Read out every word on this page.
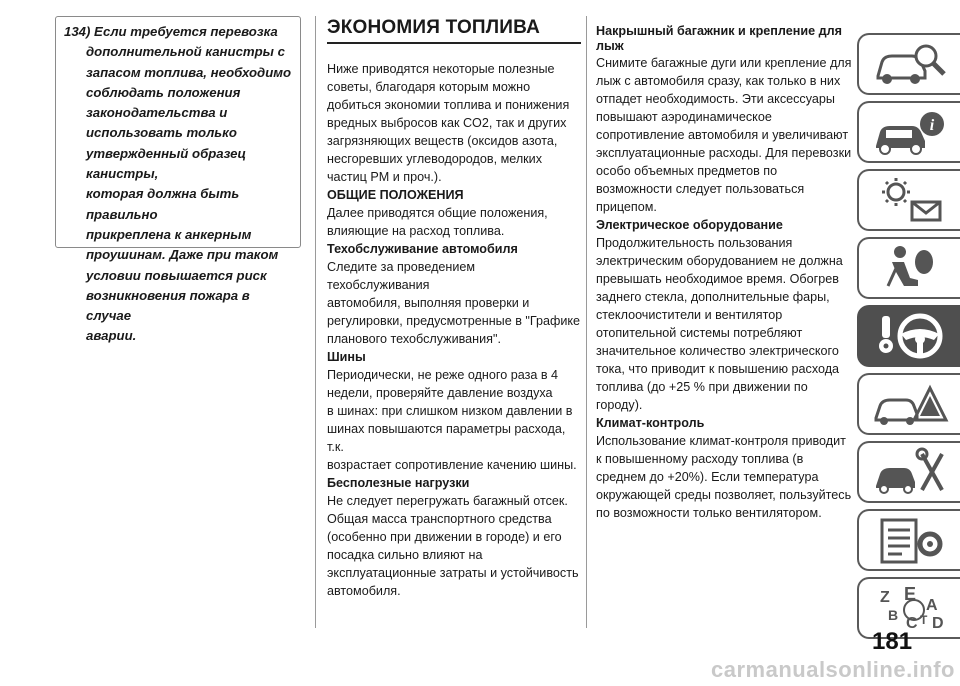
134) Если требуется перевозка
дополнительной канистры с
запасом топлива, необходимо
соблюдать положения
законодательства и
использовать только
утвержденный образец канистры,
которая должна быть правильно
прикреплена к анкерным
проушинам. Даже при таком
условии повышается риск
возникновения пожара в случае
аварии.

ЭКОНОМИЯ ТОПЛИВА

Ниже приводятся некоторые полезные
советы, благодаря которым можно
добиться экономии топлива и понижения
вредных выбросов как CO2, так и других
загрязняющих веществ (оксидов азота,
несгоревших углеводородов, мелких
частиц PM и проч.).

ОБЩИЕ ПОЛОЖЕНИЯ

Далее приводятся общие положения,
влияющие на расход топлива.

Техобслуживание автомобиля

Следите за проведением техобслуживания
автомобиля, выполняя проверки и
регулировки, предусмотренные в "Графике
планового техобслуживания".

Шины

Периодически, не реже одного раза в 4
недели, проверяйте давление воздуха
в шинах: при слишком низком давлении в
шинах повышаются параметры расхода, т.к.
возрастает сопротивление качению шины.

Бесполезные нагрузки

Не следует перегружать багажный отсек.
Общая масса транспортного средства
(особенно при движении в городе) и его
посадка сильно влияют на
эксплуатационные затраты и устойчивость
автомобиля.

Накрышный багажник и крепление для
лыж

Снимите багажные дуги или крепление для
лыж с автомобиля сразу, как только в них
отпадет необходимость. Эти аксессуары
повышают аэродинамическое
сопротивление автомобиля и увеличивают
эксплуатационные расходы. Для перевозки
особо объемных предметов по
возможности следует пользоваться
прицепом.

Электрическое оборудование

Продолжительность пользования
электрическим оборудованием не должна
превышать необходимое время. Обогрев
заднего стекла, дополнительные фары,
стеклоочистители и вентилятор
отопительной системы потребляют
значительное количество электрического
тока, что приводит к повышению расхода
топлива (до +25 % при движении по
городу).

Климат-контроль

Использование климат-контроля приводит
к повышенному расходу топлива (в
среднем до +20%). Если температура
окружающей среды позволяет, пользуйтесь
по возможности только вентилятором.

i
Z E
A
B C D
T
181
carmanualsonline.info
